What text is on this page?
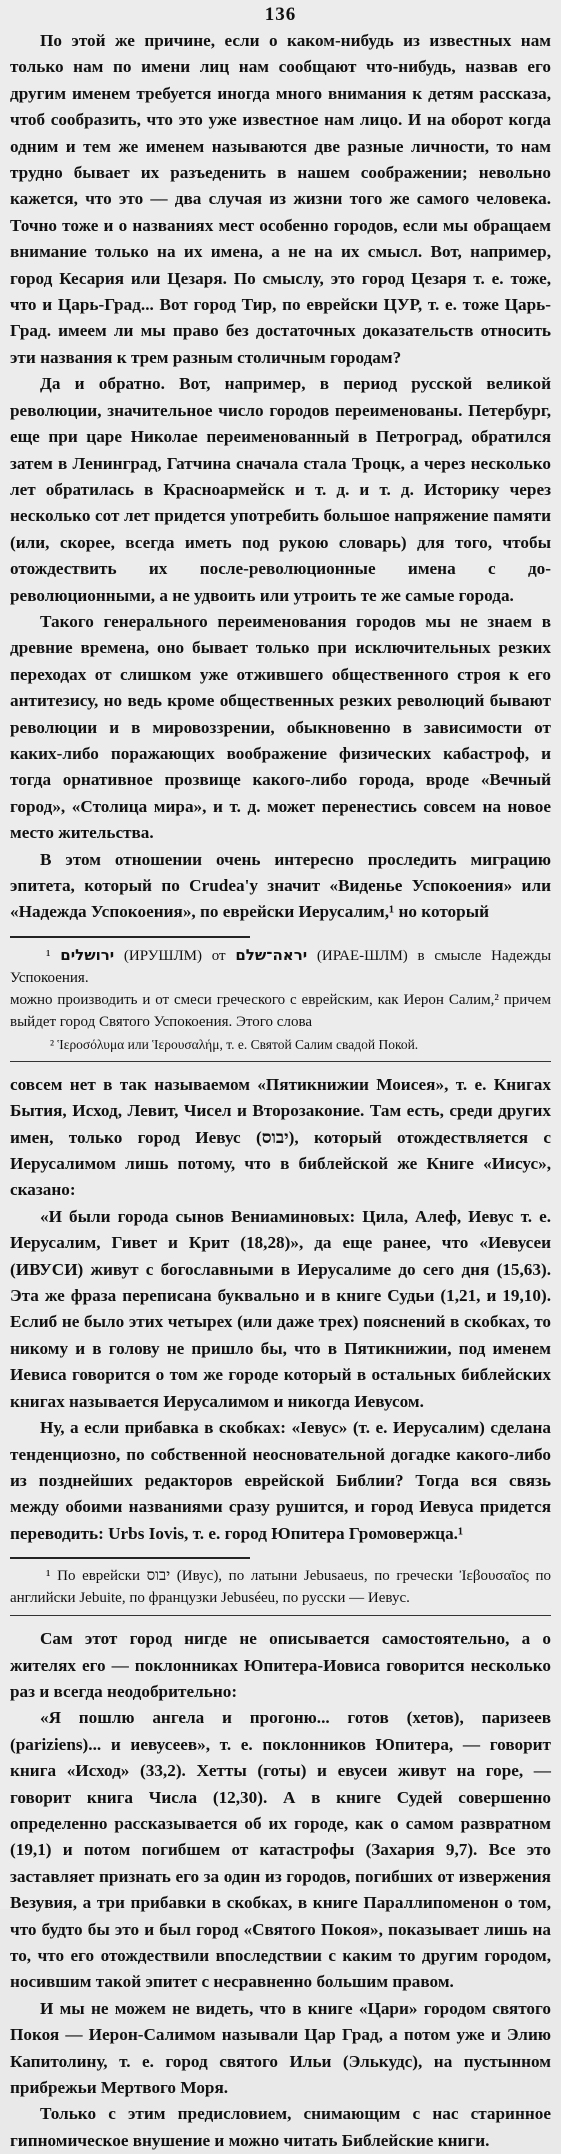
136

По этой же причине, если о каком-нибудь из известных нам только нам по имени лиц нам сообщают что-нибудь, назвав его другим именем требуется иногда много внимания к детям рассказа, чтоб сообразить, что это уже известное нам лицо. И на оборот когда одним и тем же именем называются две разные личности, то нам трудно бывает их разъеденить в нашем соображении; невольно кажется, что это — два случая из жизни того же самого человека. Точно тоже и о названиях мест особенно городов, если мы обращаем внимание только на их имена, а не на их смысл. Вот, например, город Кесария или Цезаря. По смыслу, это город Цезаря т. е. тоже, что и Царь-Град... Вот город Тир, по еврейски ЦУР, т. е. тоже Царь-Град. имеем ли мы право без достаточных доказательств относить эти названия к трем разным столичным городам?

Да и обратно. Вот, например, в период русской великой революции, значительное число городов переименованы. Петербург, еще при царе Николае переименованный в Петроград, обратился затем в Ленинград, Гатчина сначала стала Троцк, а через несколько лет обратилась в Красноармейск и т. д. и т. д. Историку через несколько сот лет придется употребить большое напряжение памяти (или, скорее, всегда иметь под рукою словарь) для того, чтобы отождествить их после-революционные имена с до-революционными, а не удвоить или утроить те же самые города.

Такого генерального переименования городов мы не знаем в древние времена, оно бывает только при исключительных резких переходах от слишком уже отжившего общественного строя к его антитезису, но ведь кроме общественных резких революций бывают революции и в мировоззрении, обыкновенно в зависимости от каких-либо поражающих воображение физических кабастроф, и тогда орнативное прозвище какого-либо города, вроде «Вечный город», «Столица мира», и т. д. может перенестись совсем на новое место жительства.

В этом отношении очень интересно проследить миграцию эпитета, который по Crudea'у значит «Виденье Успокоения» или «Надежда Успокоения», по еврейски Иерусалим,¹ но который

¹ ירושלים (ИРУШЛМ) от יראה־שלם (ИРАЕ-ШЛМ) в смысле Надежды Успокоения.

можно производить и от смеси греческого с еврейским, как Иерон Салим,² причем выйдет город Святого Успокоения. Этого слова

² Ἱεροσόλυμα или Ἱερουσαλήμ, т. е. Святой Салим свадой Покой.

совсем нет в так называемом «Пятикнижии Моисея», т. е. Книгах Бытия, Исход, Левит, Чисел и Второзаконие. Там есть, среди других имен, только город Иевус (יבוס), который отождествляется с Иерусалимом лишь потому, что в библейской же Книге «Иисус», сказано:

«И были города сынов Вениаминовых: Цила, Алеф, Иевус т. е. Иерусалим, Гивет и Крит (18,28)», да еще ранее, что «Иевусеи (ИВУСИ) живут с богославными в Иерусалиме до сего дня (15,63). Эта же фраза переписана буквально и в книге Судьи (1,21, и 19,10). Еслиб не было этих четырех (или даже трех) пояснений в скобках, то никому и в голову не пришло бы, что в Пятикнижии, под именем Иевиса говорится о том же городе который в остальных библейских книгах называется Иерусалимом и никогда Иевусом.

Ну, а если прибавка в скобках: «Іевус» (т. е. Иерусалим) сделана тенденциозно, по собственной неосновательной догадке какого-либо из позднейших редакторов еврейской Библии? Тогда вся связь между обоими названиями сразу рушится, и город Иевуса придется переводить: Urbs Iovis, т. е. город Юпитера Громовержца.¹

¹ По еврейски יבוס (Ивус), по латыни Jebusaeus, по гречески Ἰεβουσαῖος по английски Jebuite, по французки Jebuséeu, по русски — Иевус.

Сам этот город нигде не описывается самостоятельно, а о жителях его — поклонниках Юпитера-Иовиса говорится несколько раз и всегда неодобрительно:

«Я пошлю ангела и прогоню... готов (хетов), паризеев (pariziens)... и иевусеев», т. е. поклонников Юпитера, — говорит книга «Исход» (33,2). Хетты (готы) и евусеи живут на горе, — говорит книга Числа (12,30). А в книге Судей совершенно определенно рассказывается об их городе, как о самом развратном (19,1) и потом погибшем от катастрофы (Захария 9,7). Все это заставляет признать его за один из городов, погибших от извержения Везувия, а три прибавки в скобках, в книге Параллипоменон о том, что будто бы это и был город «Святого Покоя», показывает лишь на то, что его отождествили впоследствии с каким то другим городом, носившим такой эпитет с несравненно большим правом.

И мы не можем не видеть, что в книге «Цари» городом святого Покоя — Иерон-Салимом называли Цар Град, а потом уже и Элию Капитолину, т. е. город святого Ильи (Элькудс), на пустынном прибрежьи Мертвого Моря.

Только с этим предисловием, снимающим с нас старинное гипномическое внушение и можно читать Библейские книги.
